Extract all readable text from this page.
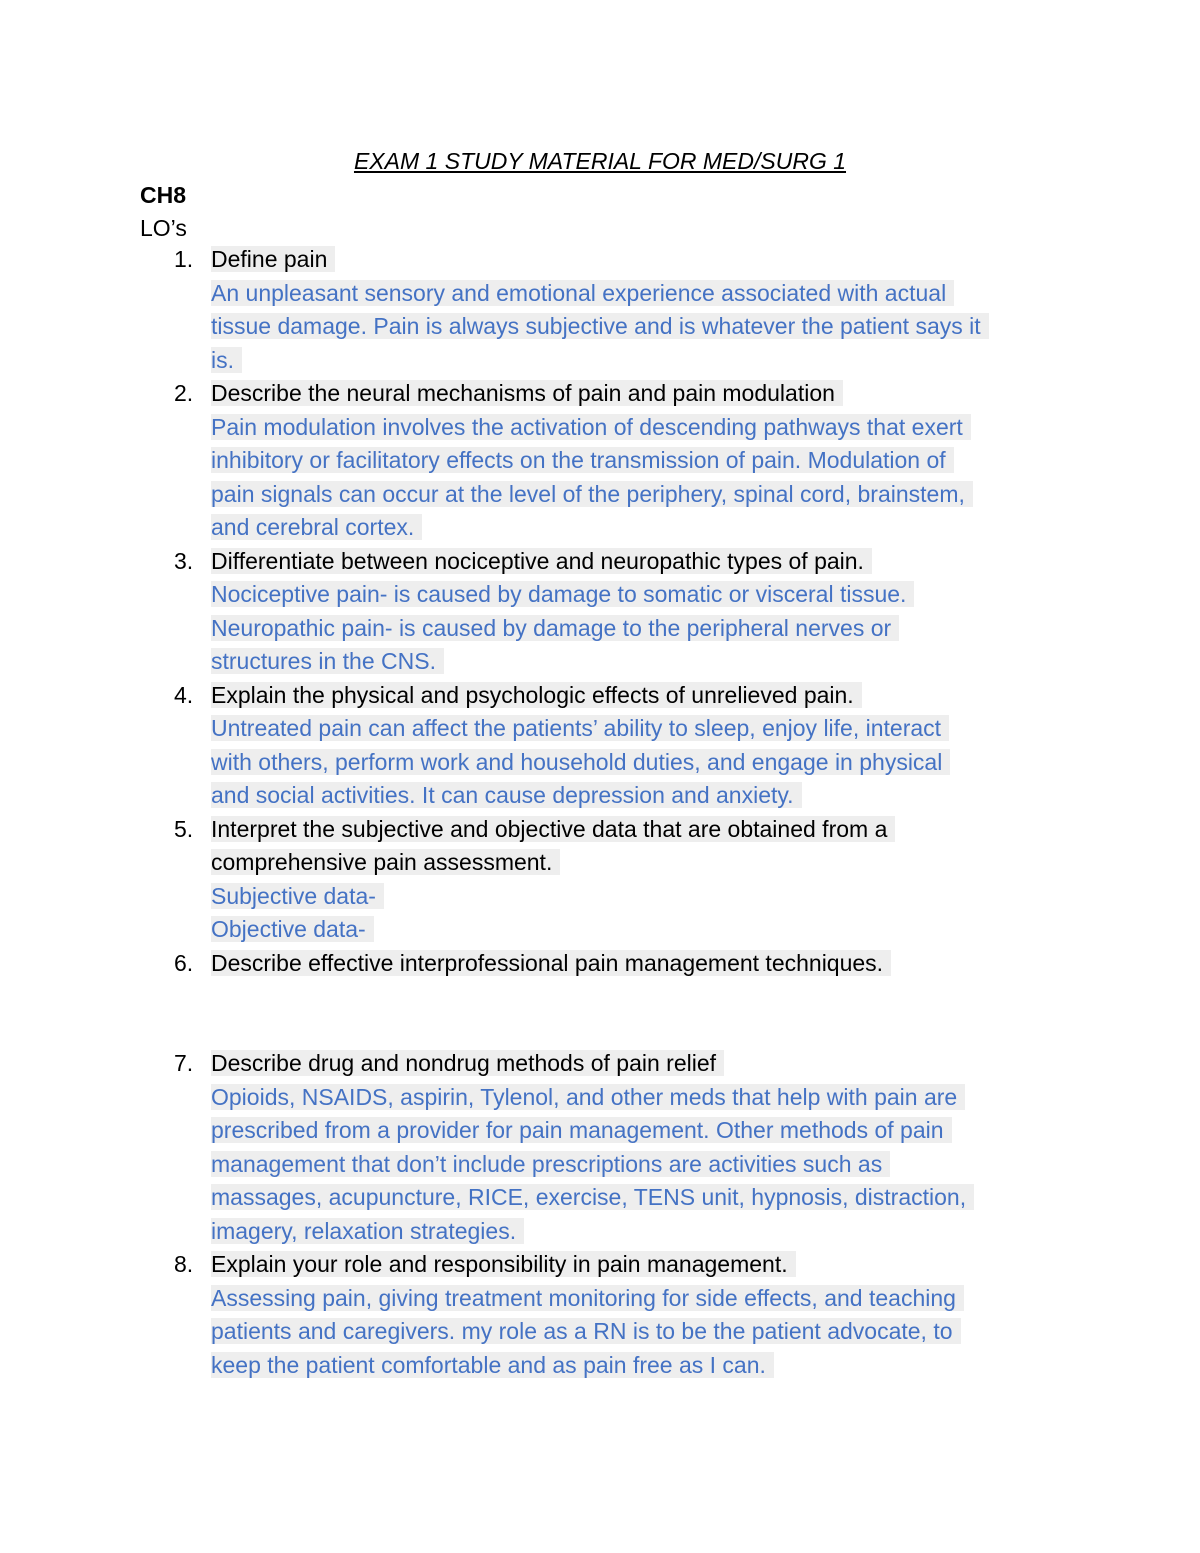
EXAM 1 STUDY MATERIAL FOR MED/SURG 1
CH8
LO’s
1. Define pain
An unpleasant sensory and emotional experience associated with actual
tissue damage. Pain is always subjective and is whatever the patient says it
is.
2. Describe the neural mechanisms of pain and pain modulation
Pain modulation involves the activation of descending pathways that exert
inhibitory or facilitatory effects on the transmission of pain. Modulation of
pain signals can occur at the level of the periphery, spinal cord, brainstem,
and cerebral cortex.
3. Differentiate between nociceptive and neuropathic types of pain.
Nociceptive pain- is caused by damage to somatic or visceral tissue.
Neuropathic pain- is caused by damage to the peripheral nerves or
structures in the CNS.
4. Explain the physical and psychologic effects of unrelieved pain.
Untreated pain can affect the patients’ ability to sleep, enjoy life, interact
with others, perform work and household duties, and engage in physical
and social activities. It can cause depression and anxiety.
5. Interpret the subjective and objective data that are obtained from a
comprehensive pain assessment.
Subjective data-
Objective data-
6. Describe effective interprofessional pain management techniques.
7. Describe drug and nondrug methods of pain relief
Opioids, NSAIDS, aspirin, Tylenol, and other meds that help with pain are
prescribed from a provider for pain management. Other methods of pain
management that don’t include prescriptions are activities such as
massages, acupuncture, RICE, exercise, TENS unit, hypnosis, distraction,
imagery, relaxation strategies.
8. Explain your role and responsibility in pain management.
Assessing pain, giving treatment monitoring for side effects, and teaching
patients and caregivers. my role as a RN is to be the patient advocate, to
keep the patient comfortable and as pain free as I can.
